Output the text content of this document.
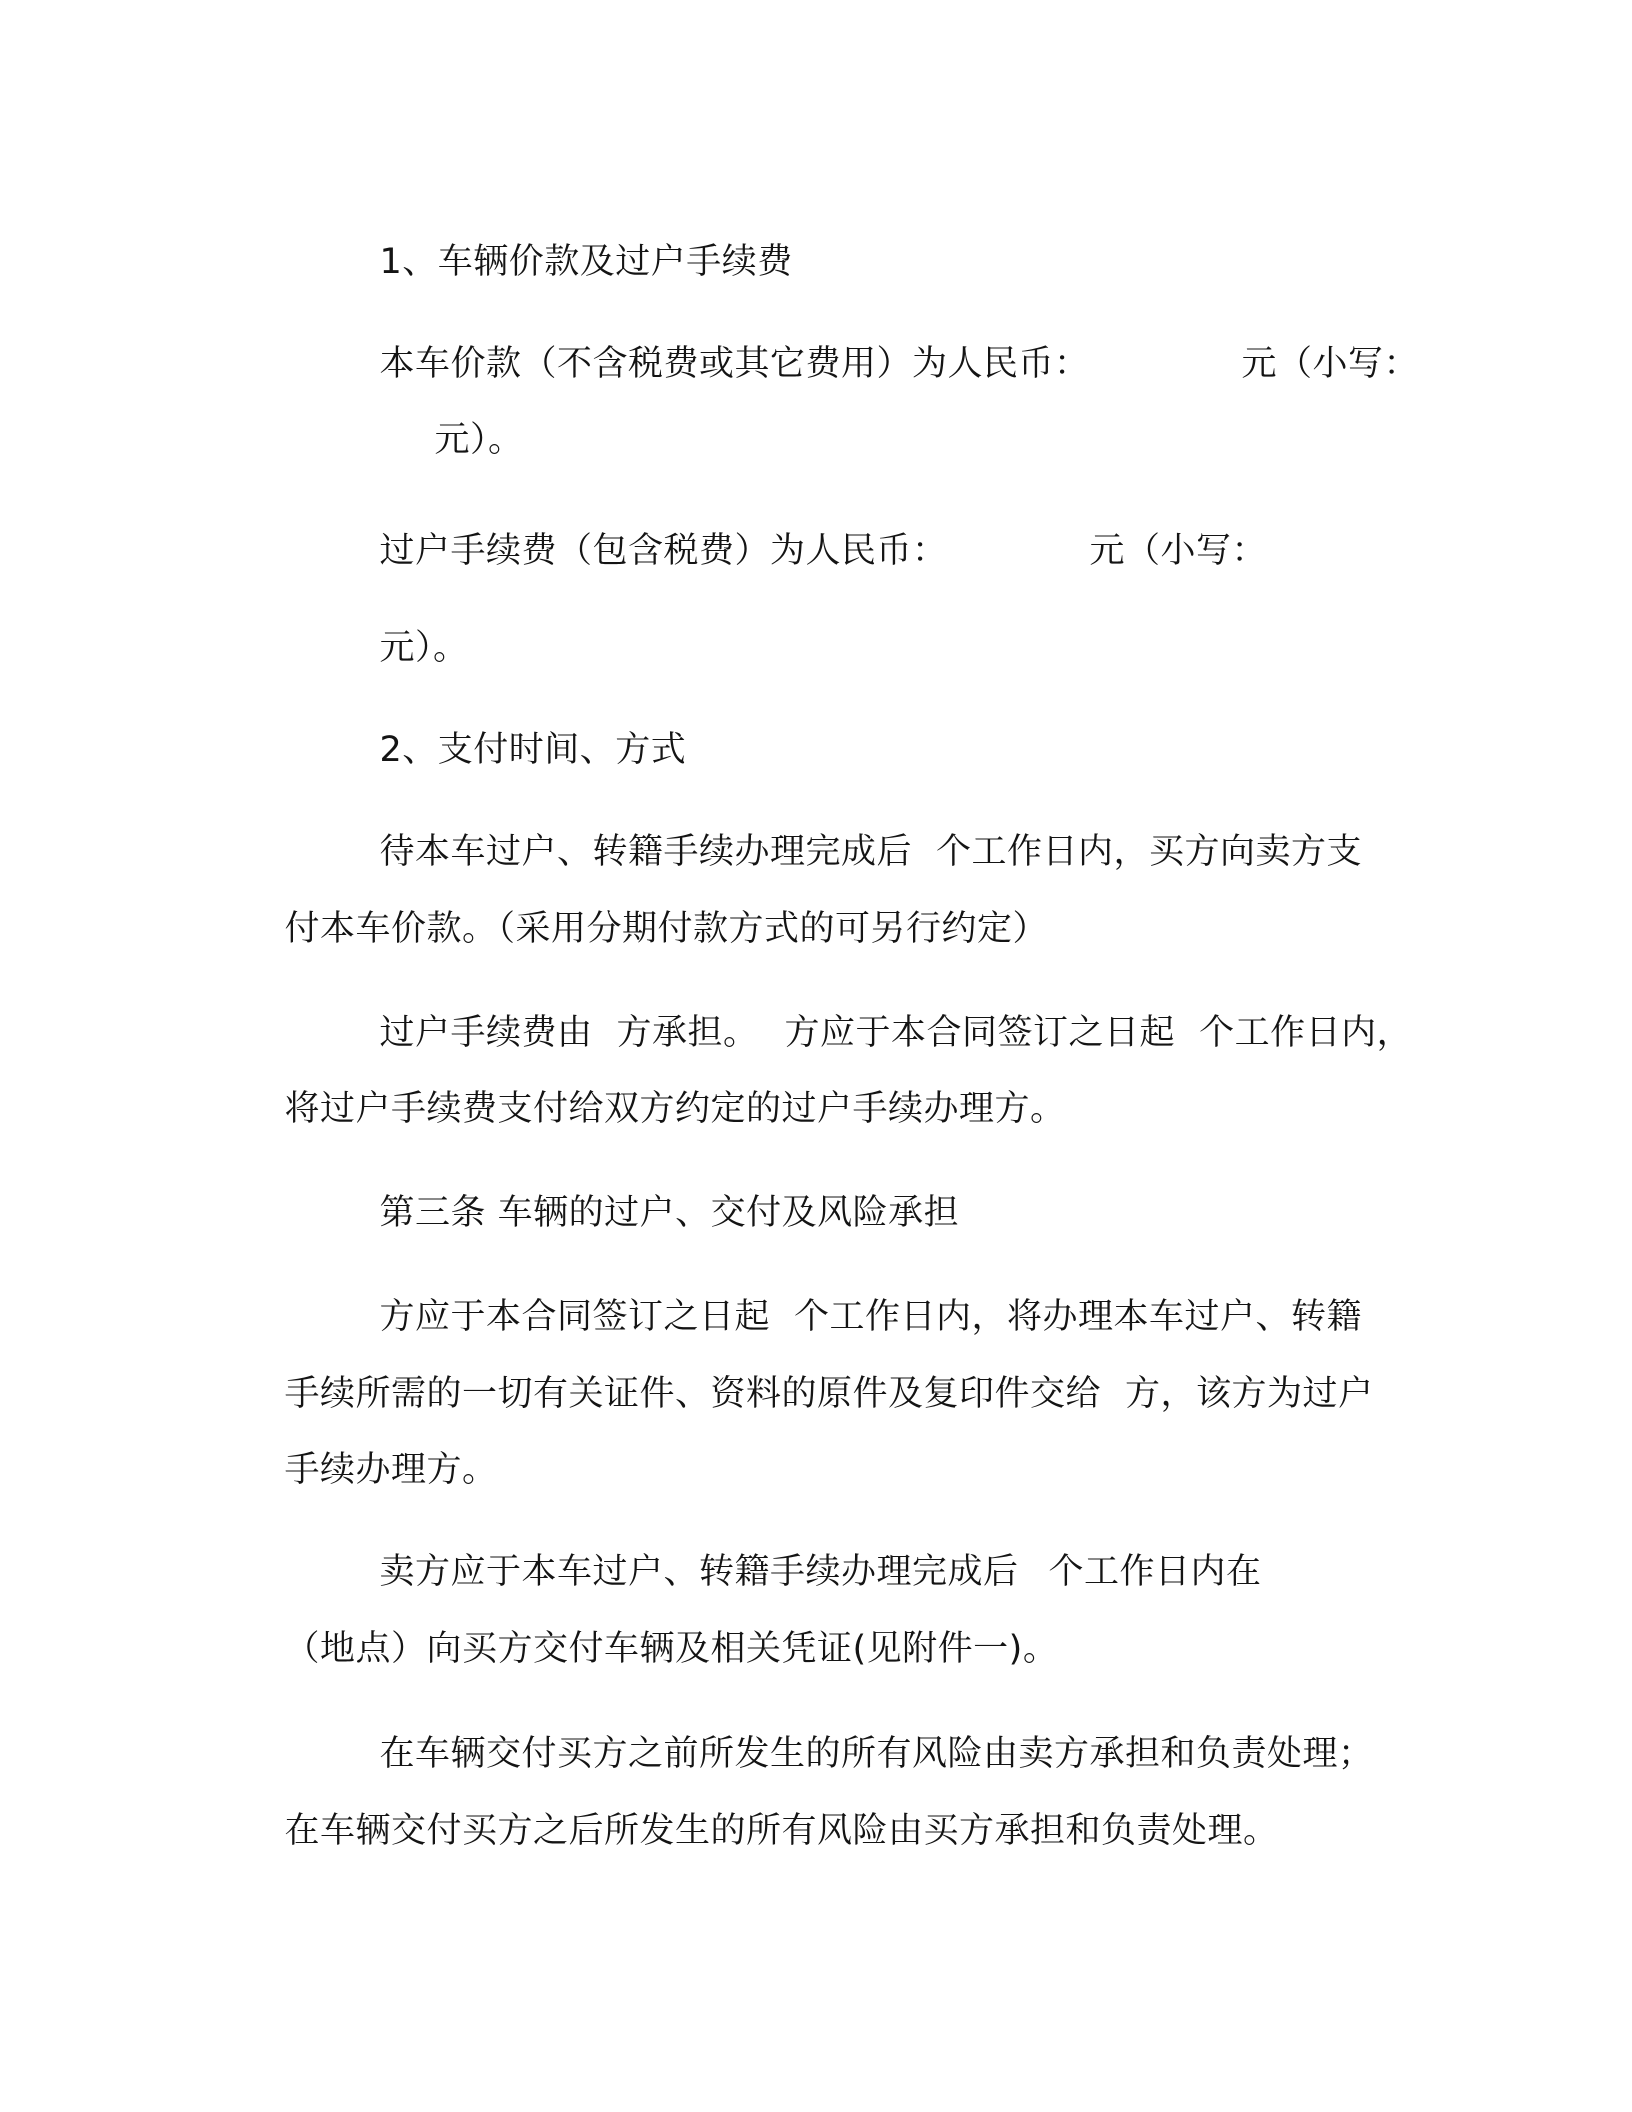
1、车辆价款及过户手续费

本车价款（不含税费或其它费用）为人民币：	元（小写：

元）。

过户手续费（包含税费）为人民币：	元（小写：

元）。

2、支付时间、方式

待本车过户、转籍手续办理完成后 个工作日内，买方向卖方支

付本车价款。（采用分期付款方式的可另行约定）

过户手续费由 方承担。 方应于本合同签订之日起 个工作日内，

将过户手续费支付给双方约定的过户手续办理方。

第三条 车辆的过户、交付及风险承担

方应于本合同签订之日起 个工作日内，将办理本车过户、转籍

手续所需的一切有关证件、资料的原件及复印件交给 方，该方为过户

手续办理方。

卖方应于本车过户、转籍手续办理完成后 个工作日内在

（地点）向买方交付车辆及相关凭证(见附件一)。

在车辆交付买方之前所发生的所有风险由卖方承担和负责处理；

在车辆交付买方之后所发生的所有风险由买方承担和负责处理。
